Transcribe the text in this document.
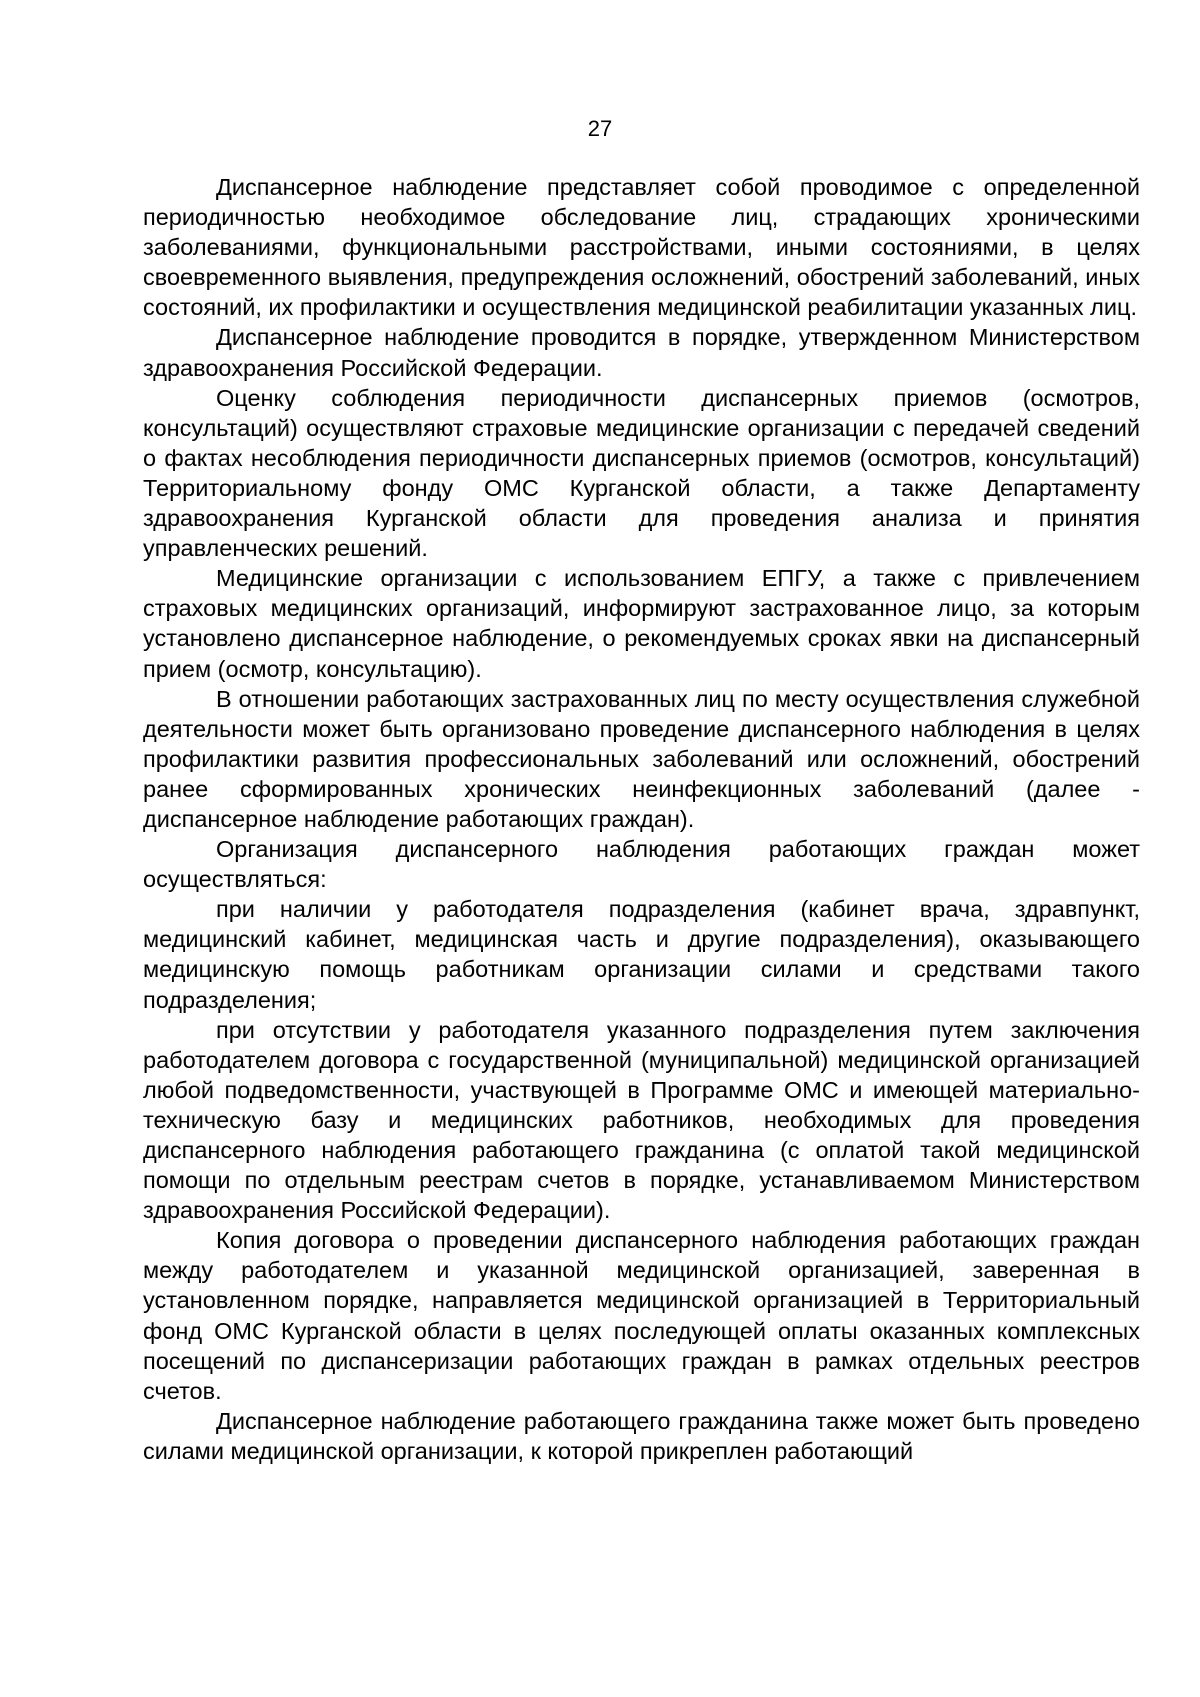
27

Диспансерное наблюдение представляет собой проводимое с определенной периодичностью необходимое обследование лиц, страдающих хроническими заболеваниями, функциональными расстройствами, иными состояниями, в целях своевременного выявления, предупреждения осложнений, обострений заболеваний, иных состояний, их профилактики и осуществления медицинской реабилитации указанных лиц.

Диспансерное наблюдение проводится в порядке, утвержденном Министерством здравоохранения Российской Федерации.

Оценку соблюдения периодичности диспансерных приемов (осмотров, консультаций) осуществляют страховые медицинские организации с передачей сведений о фактах несоблюдения периодичности диспансерных приемов (осмотров, консультаций) Территориальному фонду ОМС Курганской области, а также Департаменту здравоохранения Курганской области для проведения анализа и принятия управленческих решений.

Медицинские организации с использованием ЕПГУ, а также с привлечением страховых медицинских организаций, информируют застрахованное лицо, за которым установлено диспансерное наблюдение, о рекомендуемых сроках явки на диспансерный прием (осмотр, консультацию).

В отношении работающих застрахованных лиц по месту осуществления служебной деятельности может быть организовано проведение диспансерного наблюдения в целях профилактики развития профессиональных заболеваний или осложнений, обострений ранее сформированных хронических неинфекционных заболеваний (далее - диспансерное наблюдение работающих граждан).

Организация диспансерного наблюдения работающих граждан может осуществляться:

при наличии у работодателя подразделения (кабинет врача, здравпункт, медицинский кабинет, медицинская часть и другие подразделения), оказывающего медицинскую помощь работникам организации силами и средствами такого подразделения;

при отсутствии у работодателя указанного подразделения путем заключения работодателем договора с государственной (муниципальной) медицинской организацией любой подведомственности, участвующей в Программе ОМС и имеющей материально-техническую базу и медицинских работников, необходимых для проведения диспансерного наблюдения работающего гражданина (с оплатой такой медицинской помощи по отдельным реестрам счетов в порядке, устанавливаемом Министерством здравоохранения Российской Федерации).

Копия договора о проведении диспансерного наблюдения работающих граждан между работодателем и указанной медицинской организацией, заверенная в установленном порядке, направляется медицинской организацией в Территориальный фонд ОМС Курганской области в целях последующей оплаты оказанных комплексных посещений по диспансеризации работающих граждан в рамках отдельных реестров счетов.

Диспансерное наблюдение работающего гражданина также может быть проведено силами медицинской организации, к которой прикреплен работающий
